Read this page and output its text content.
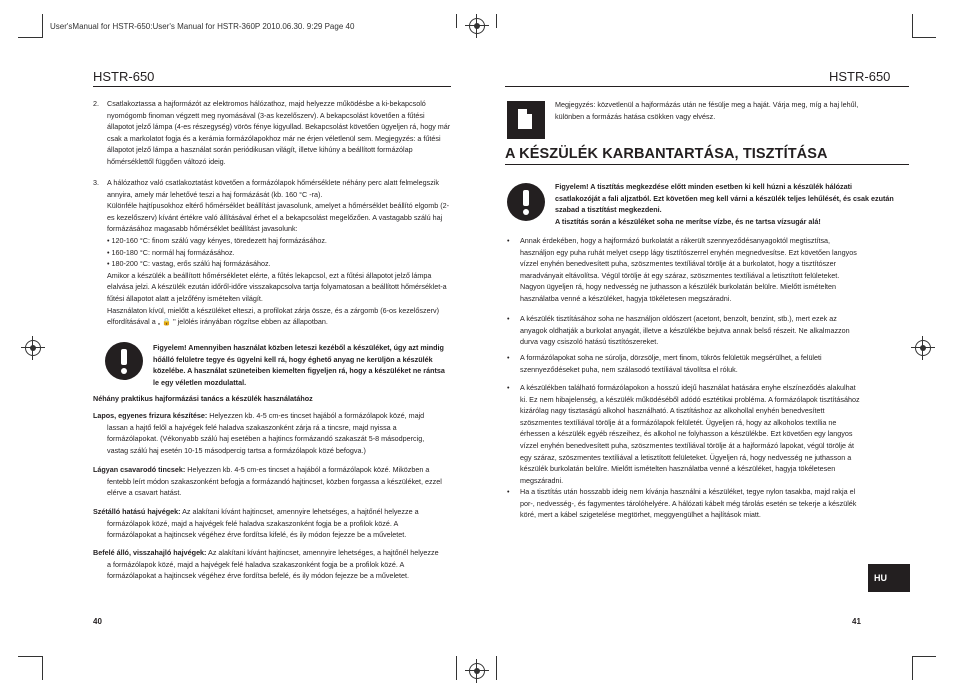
User'sManual for HSTR-650:User's Manual for HSTR-360P 2010.06.30. 9:29 Page 40
HSTR-650
2. Csatlakoztassa a hajformázót az elektromos hálózathoz, majd helyezze működésbe a ki-bekapcsoló nyomógomb finoman végzett meg nyomásával (3-as kezelőszerv). A bekapcsolást követően a fűtési állapotot jelző lámpa (4-es részegység) vörös fénye kigyullad. Bekapcsolást követően ügyeljen rá, hogy már csak a markolatot fogja és a kerámia formázólapokhoz már ne érjen véletlenül sem. Megjegyzés: a fűtési állapotot jelző lámpa a használat során periódikusan világít, illetve kihúny a beállított formázólap hőmérséklettől függően változó ideig.

3. A hálózathoz való csatlakoztatást követően a formázólapok hőmérséklete néhány perc alatt felmelegszik annyira, amely már lehetővé teszi a haj formázását (kb. 160 °C -ra).

Különféle hajtípusokhoz eltérő hőmérséklet beállítást javasolunk, amelyet a hőmérséklet beállító elgomb (2-es kezelőszerv) kívánt értékre való állításával érhet el a bekapcsolást megelőzően. A vastagabb szálú haj formázásához magasabb hőmérséklet beállítást javasolunk:

• 120-160 °C: finom szálú vagy kényes, töredezett haj formázásához.

• 160-180 °C: normál haj formázásához.

• 180-200 °C: vastag, erős szálú haj formázásához.

Amikor a készülék a beállított hőmérsékletet elérte, a fűtés lekapcsol, ezt a fűtési állapotot jelző lámpa elalvása jelzi. A készülék ezután időről-időre visszakapcsolva tartja folyamatosan a beállított hőmérséklet-a fűtési állapotot alatt a jelzőfény ismételten világít.

Használaton kívül, mielőtt a készüléket elteszi, a profilokat zárja össze, és a zárgomb (6-os kezelőszerv) elfordításával a „ 🔒 " jelölés irányában rögzítse ebben az állapotban.

Figyelem! Amennyiben használat közben leteszi kezéből a készüléket, úgy azt mindig hőálló felületre tegye és ügyelni kell rá, hogy éghető anyag ne kerüljön a készülék közelébe. A használat szüneteiben kiemelten figyeljen rá, hogy a készüléket ne rántsa le egy véletlen mozdulattal.
Néhány praktikus hajformázási tanács a készülék használatához

Lapos, egyenes frizura készítése: Helyezzen kb. 4-5 cm-es tincset hajából a formázólapok közé, majd lassan a hajtő felől a hajvégek felé haladva szakaszonként zárja rá a tincsre, majd nyissa a formázólapokat. (Vékonyabb szálú haj esetében a hajtincs formázandó szakaszát 5-8 másodpercig, vastag szálú haj esetén 10-15 másodpercig tartsa a formázólapok közé befogva.)

Lágyan csavarodó tincsek: Helyezzen kb. 4-5 cm-es tincset a hajából a formázólapok közé. Miközben a fentebb leírt módon szakaszonként befogja a formázandó hajtincset, közben forgassa a készüléket, ezzel elérve a csavart hatást.

Szétálló hatású hajvégek: Az alakítani kívánt hajtincset, amennyire lehetséges, a hajtőnél helyezze a formázólapok közé, majd a hajvégek felé haladva szakaszonként fogja be a profilok közé. A formázólapokat a hajtincsek végéhez érve fordítsa kifelé, és ily módon fejezze be a műveletet.

Befelé álló, visszahajló hajvégek: Az alakítani kívánt hajtincset, amennyire lehetséges, a hajtőnél helyezze a formázólapok közé, majd a hajvégek felé haladva szakaszonként fogja be a profilok közé. A formázólapokat a hajtincsek végéhez érve fordítsa befelé, és ily módon fejezze be a műveletet.

40
HSTR-650
Megjegyzés: közvetlenül a hajformázás után ne fésülje meg a haját. Várja meg, míg a haj lehűl, különben a formázás hatása csökken vagy elvész.
A KÉSZÜLÉK KARBANTARTÁSA, TISZTÍTÁSA

Figyelem! A tisztítás megkezdése előtt minden esetben ki kell húzni a készülék hálózati csatlakozóját a fali aljzatból. Ezt követően meg kell várni a készülék teljes lehűlését, és csak ezután szabad a tisztítást megkezdeni.

A tisztítás során a készüléket soha ne merítse vízbe, és ne tartsa vízsugár alá!

• Annak érdekében, hogy a hajformázó burkolatát a rákerült szennyeződésanyagoktól megtisztítsa, használjon egy puha ruhát melyet csepp lágy tisztítószerrel enyhén megnedvesítse. Ezt követően langyos vízzel enyhén benedvesített puha, szöszmentes textíliával törölje át a burkolatot, hogy a tisztítószer maradványait eltávolítsa. Végül törölje át egy száraz, szöszmentes textíliával a letisztított felületeket. Nagyon ügyeljen rá, hogy nedvesség ne juthasson a készülék burkolatán belülre. Mielőtt ismételten használatba venné a készüléket, hagyja tökéletesen megszáradni.

• A készülék tisztításához soha ne használjon oldószert (acetont, benzolt, benzint, stb.), mert ezek az anyagok oldhatják a burkolat anyagát, illetve a készülékbe bejutva annak belső részeit. Ne alkalmazzon durva vagy csiszoló hatású tisztítószereket.

• A formázólapokat soha ne súrolja, dörzsölje, mert finom, tükrös felületük megsérülhet, a felületi szennyeződéseket puha, nem szálasodó textíliával távolítsa el róluk.

• A készülékben található formázólapokon a hosszú idejű használat hatására enyhe elszíneződés alakulhat ki. Ez nem hibajelenség, a készülék működéséből adódó esztétikai probléma. A formázólapok tisztításához kizárólag nagy tisztaságú alkohol használható. A tisztításhoz az alkohollal enyhén benedvesített szöszmentes textíliával törölje át a formázólapok felületét. Ügyeljen rá, hogy az alkoholos textília ne érhessen a készülék egyéb részeihez, és alkohol ne folyhasson a készülékbe. Ezt követően egy langyos vízzel enyhén benedvesített puha, szöszmentes textíliával törölje át a hajformázó lapokat, végül törölje át egy száraz, szöszmentes textíliával a letisztított felületeket. Ügyeljen rá, hogy nedvesség ne juthasson a készülék burkolatán belülre. Mielőtt ismételten használatba venné a készüléket, hagyja tökéletesen megszáradni.

• Ha a tisztítás után hosszabb ideig nem kívánja használni a készüléket, tegye nylon tasakba, majd rakja el por-, nedvesség-, és fagymentes tárolóhelyére. A hálózati kábelt még tárolás esetén se tekerje a készülék köré, mert a kábel szigetelése megtörhet, meggyengülhet a hajlítások miatt.

HU
41
